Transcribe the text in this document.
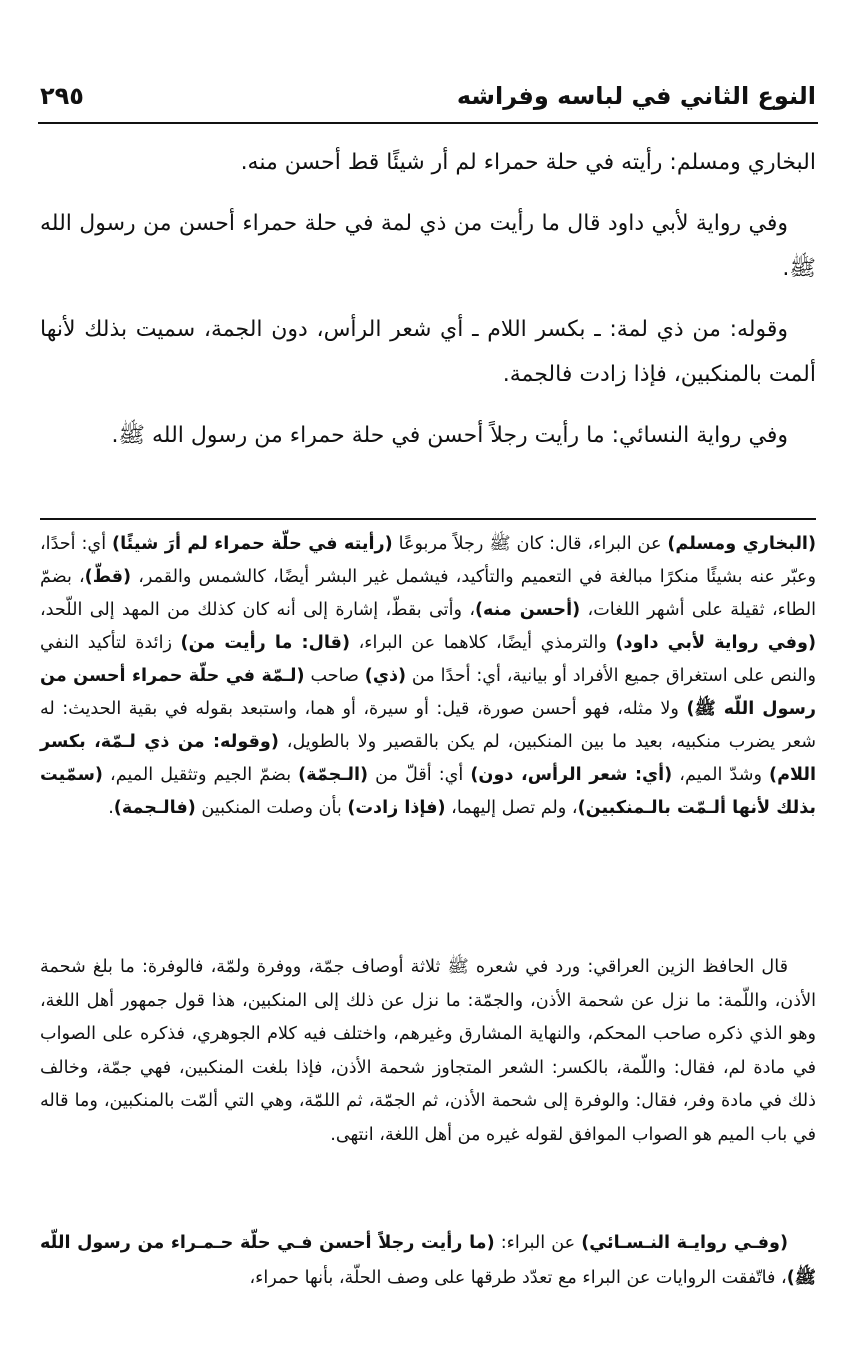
النوع الثاني في لباسه وفراشه
٢٩٥

البخاري ومسلم: رأيته في حلة حمراء لم أر شيئًا قط أحسن منه.

وفي رواية لأبي داود قال ما رأيت من ذي لمة في حلة حمراء أحسن من رسول الله ﷺ.

وقوله: من ذي لمة: ـ بكسر اللام ـ أي شعر الرأس، دون الجمة، سميت بذلك لأنها ألمت بالمنكبين، فإذا زادت فالجمة.

وفي رواية النسائي: ما رأيت رجلاً أحسن في حلة حمراء من رسول الله ﷺ.

(البخاري ومسلم) عن البراء، قال: كان ﷺ رجلاً مربوعًا (رأيته في حلّة حمراء لم أرَ شيئًا) أي: أحدًا، وعبّر عنه بشيئًا منكرًا مبالغة في التعميم والتأكيد، فيشمل غير البشر أيضًا، كالشمس والقمر، (قطّ)، بضمّ الطاء، ثقيلة على أشهر اللغات، (أحسن منه)، وأتى بقطّ، إشارة إلى أنه كان كذلك من المهد إلى اللّحد، (وفي رواية لأبي داود) والترمذي أيضًا، كلاهما عن البراء، (قال: ما رأيت من) زائدة لتأكيد النفي والنص على استغراق جميع الأفراد أو بيانية، أي: أحدًا من (ذي) صاحب (لـمّة في حلّة حمراء أحسن من رسول اللّه ﷺ) ولا مثله، فهو أحسن صورة، قيل: أو سيرة، أو هما، واستبعد بقوله في بقية الحديث: له شعر يضرب منكبيه، بعيد ما بين المنكبين، لم يكن بالقصير ولا بالطويل، (وقوله: من ذي لـمّة، بكسر اللام) وشدّ الميم، (أي: شعر الرأس، دون) أي: أقلّ من (الـجمّة) بضمّ الجيم وتثقيل الميم، (سمّيت بذلك لأنها ألـمّت بالـمنكبين)، ولم تصل إليهما، (فإذا زادت) بأن وصلت المنكبين (فالـجمة).

قال الحافظ الزين العراقي: ورد في شعره ﷺ ثلاثة أوصاف جمّة، ووفرة ولمّة، فالوفرة: ما بلغ شحمة الأذن، واللّمة: ما نزل عن شحمة الأذن، والجمّة: ما نزل عن ذلك إلى المنكبين، هذا قول جمهور أهل اللغة، وهو الذي ذكره صاحب المحكم، والنهاية المشارق وغيرهم، واختلف فيه كلام الجوهري، فذكره على الصواب في مادة لم، فقال: واللّمة، بالكسر: الشعر المتجاوز شحمة الأذن، فإذا بلغت المنكبين، فهي جمّة، وخالف ذلك في مادة وفر، فقال: والوفرة إلى شحمة الأذن، ثم الجمّة، ثم اللمّة، وهي التي ألمّت بالمنكبين، وما قاله في باب الميم هو الصواب الموافق لقوله غيره من أهل اللغة، انتهى.
(وفـي روايـة النـسـائي) عن البراء: (ما رأيت رجلاً أحسن فـي حلّة حـمـراء من رسول اللّه ﷺ)، فاتّفقت الروايات عن البراء مع تعدّد طرقها على وصف الحلّة، بأنها حمراء،
